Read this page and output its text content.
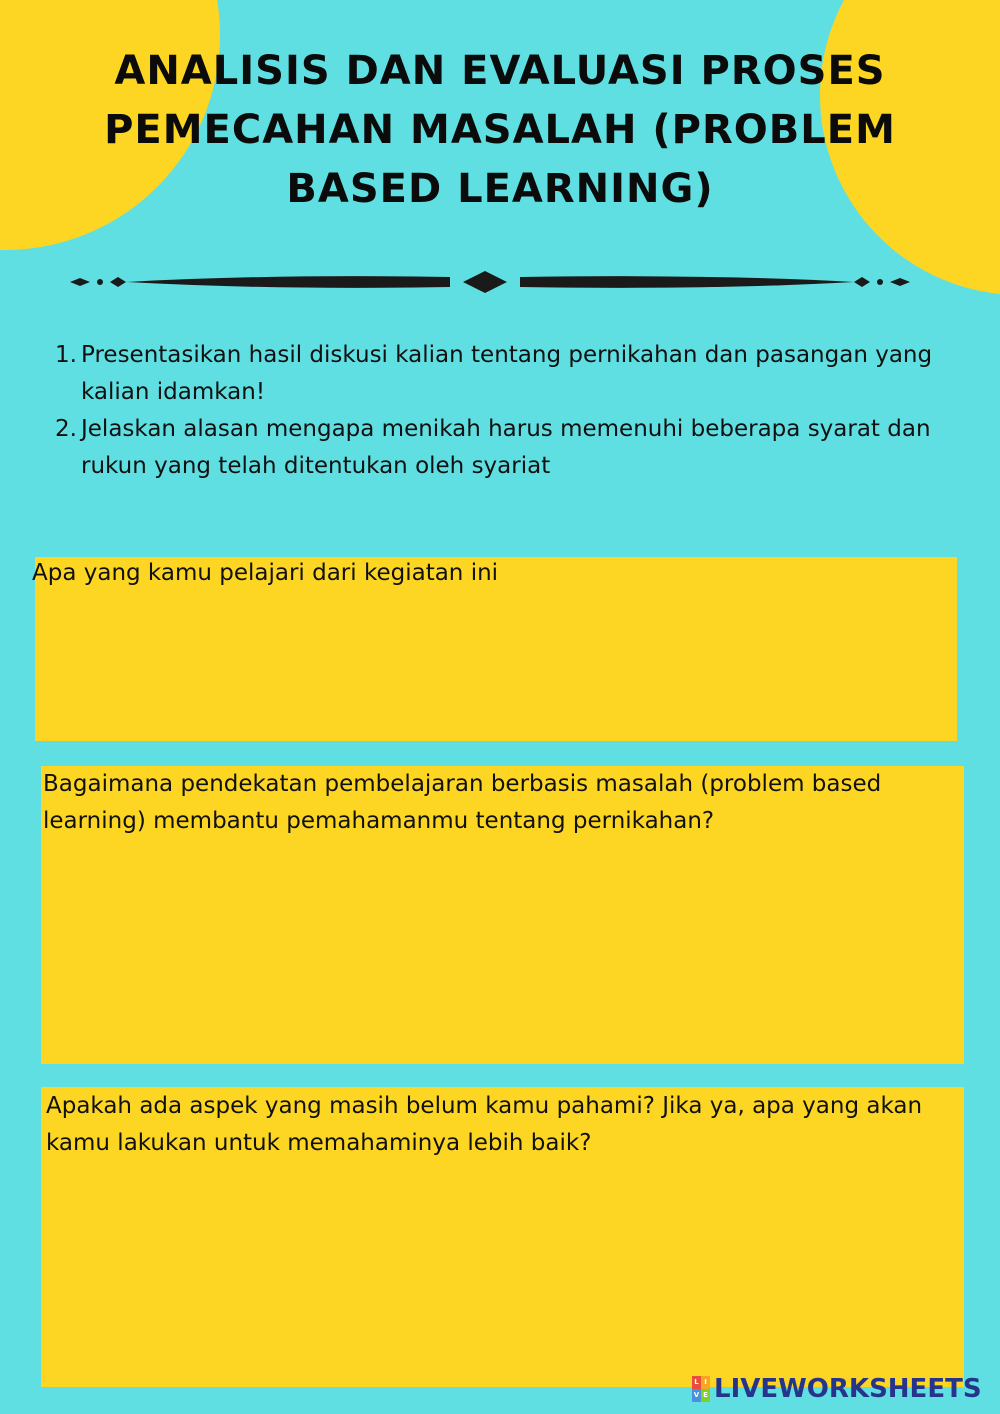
ANALISIS DAN EVALUASI PROSES
PEMECAHAN MASALAH (PROBLEM
BASED LEARNING)
1. Presentasikan hasil diskusi kalian tentang pernikahan dan pasangan yang kalian idamkan!
2. Jelaskan alasan mengapa menikah harus memenuhi beberapa syarat dan rukun yang telah ditentukan oleh syariat
Apa yang kamu pelajari dari kegiatan ini
Bagaimana pendekatan pembelajaran berbasis masalah (problem based learning) membantu pemahamanmu tentang pernikahan?
Apakah ada aspek yang masih belum kamu pahami? Jika ya, apa yang akan kamu lakukan untuk memahaminya lebih baik?
L I
V E LIVEWORKSHEETS
